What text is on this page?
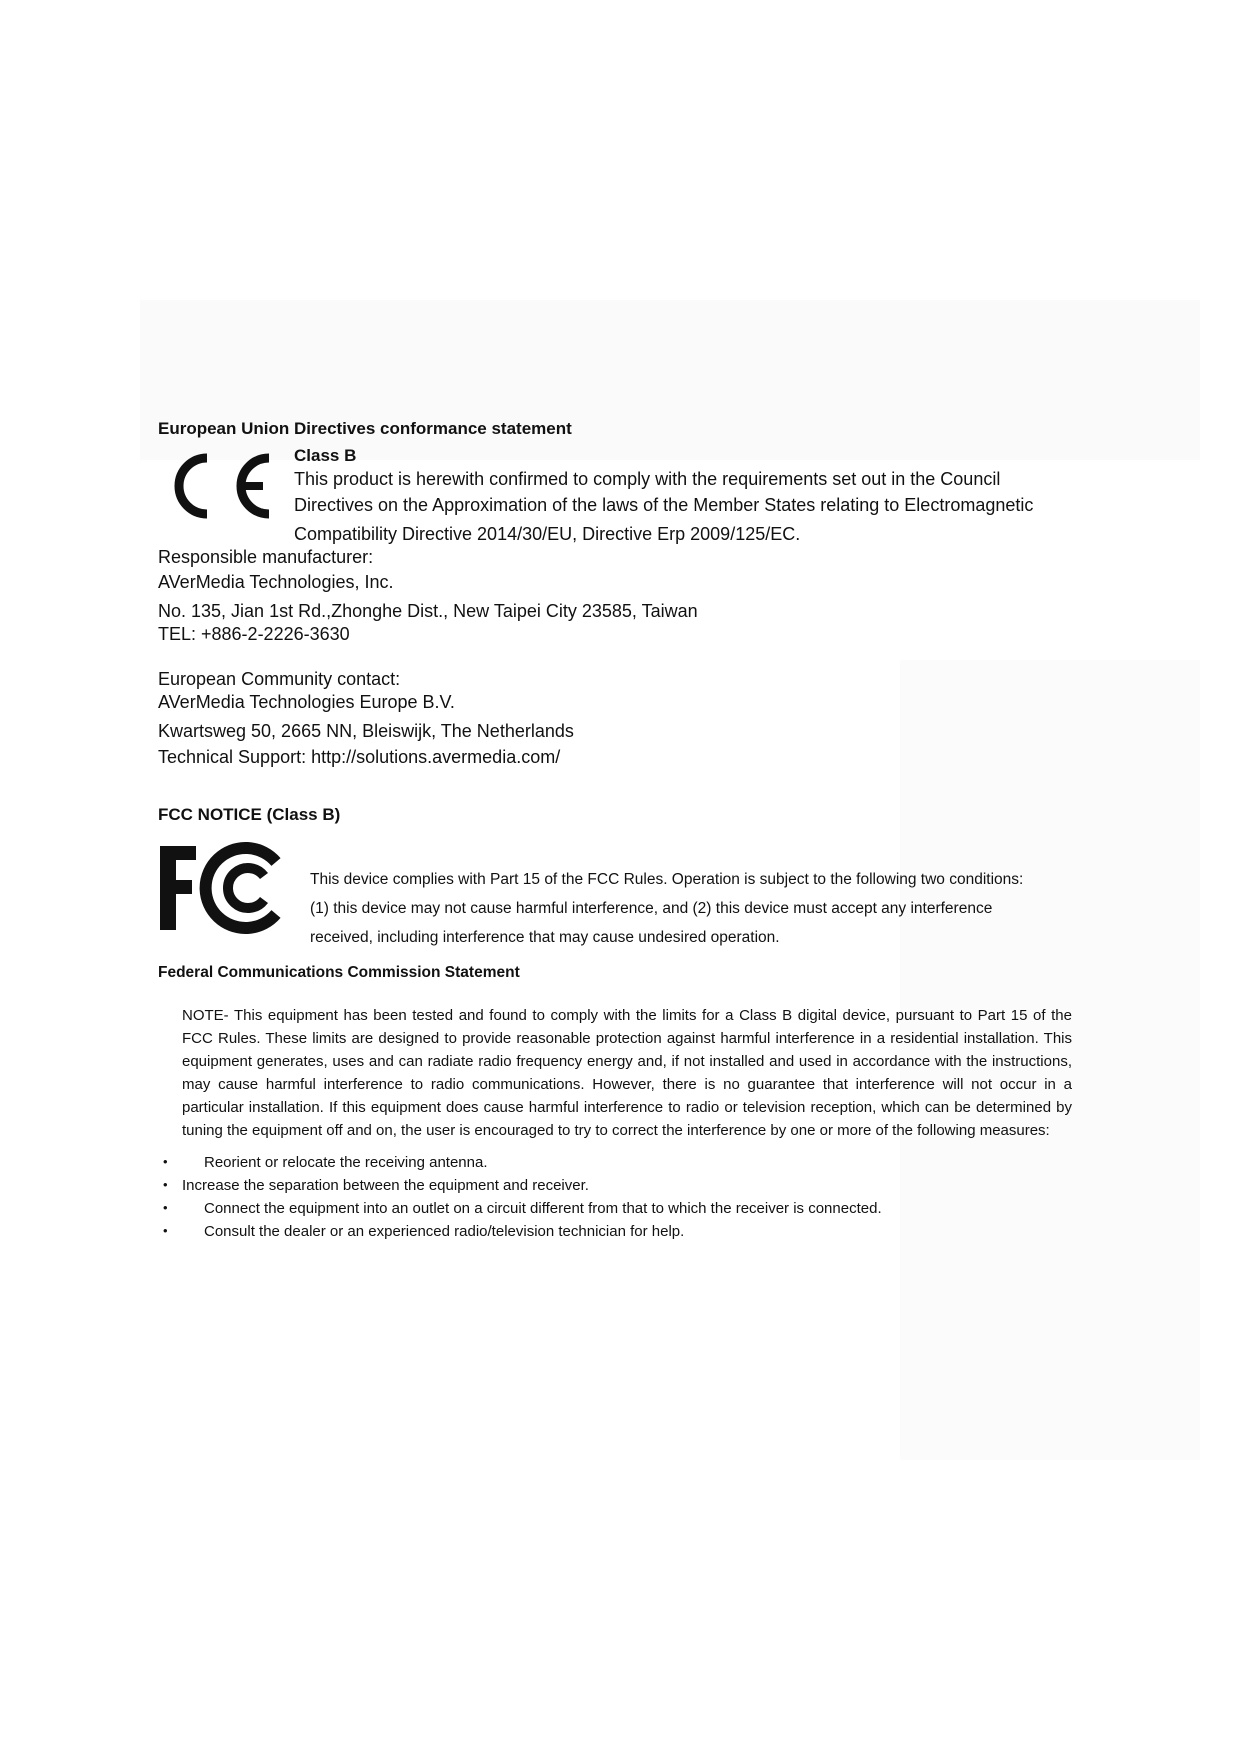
European Union Directives conformance statement
Class B
This product is herewith confirmed to comply with the requirements set out in the Council
Directives on the Approximation of the laws of the Member States relating to Electromagnetic
Compatibility Directive 2014/30/EU, Directive Erp 2009/125/EC.
Responsible manufacturer:
AVerMedia Technologies, Inc.
No. 135, Jian 1st Rd.,Zhonghe Dist., New Taipei City 23585, Taiwan
TEL: +886-2-2226-3630
European Community contact:
AVerMedia Technologies Europe B.V.
Kwartsweg 50, 2665 NN, Bleiswijk, The Netherlands
Technical Support: http://solutions.avermedia.com/
FCC NOTICE (Class B)
This device complies with Part 15 of the FCC Rules. Operation is subject to the following two conditions:
(1) this device may not cause harmful interference, and (2) this device must accept any interference
received, including interference that may cause undesired operation.
Federal Communications Commission Statement
NOTE- This equipment has been tested and found to comply with the limits for a Class B digital device, pursuant to Part 15 of the FCC Rules. These limits are designed to provide reasonable protection against harmful interference in a residential installation. This equipment generates, uses and can radiate radio frequency energy and, if not installed and used in accordance with the instructions, may cause harmful interference to radio communications. However, there is no guarantee that interference will not occur in a particular installation. If this equipment does cause harmful interference to radio or television reception, which can be determined by tuning the equipment off and on, the user is encouraged to try to correct the interference by one or more of the following measures:
• Reorient or relocate the receiving antenna.
• Increase the separation between the equipment and receiver.
• Connect the equipment into an outlet on a circuit different from that to which the receiver is connected.
• Consult the dealer or an experienced radio/television technician for help.
